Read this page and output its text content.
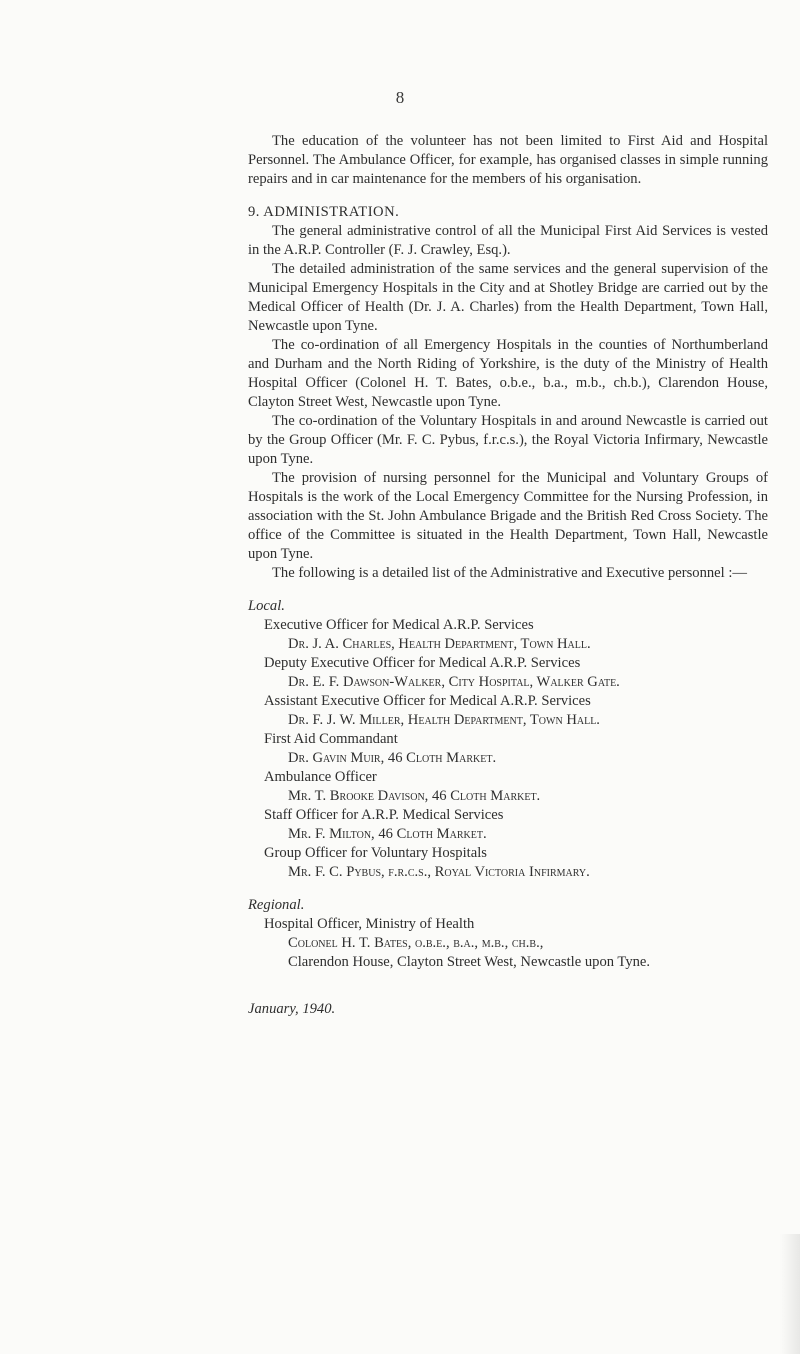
8

The education of the volunteer has not been limited to First Aid and Hospital Personnel. The Ambulance Officer, for example, has organised classes in simple running repairs and in car maintenance for the members of his organisation.

9. ADMINISTRATION.

The general administrative control of all the Municipal First Aid Services is vested in the A.R.P. Controller (F. J. Crawley, Esq.).

The detailed administration of the same services and the general supervision of the Municipal Emergency Hospitals in the City and at Shotley Bridge are carried out by the Medical Officer of Health (Dr. J. A. Charles) from the Health Department, Town Hall, Newcastle upon Tyne.

The co-ordination of all Emergency Hospitals in the counties of Northumberland and Durham and the North Riding of Yorkshire, is the duty of the Ministry of Health Hospital Officer (Colonel H. T. Bates, o.b.e., b.a., m.b., ch.b.), Clarendon House, Clayton Street West, Newcastle upon Tyne.

The co-ordination of the Voluntary Hospitals in and around Newcastle is carried out by the Group Officer (Mr. F. C. Pybus, f.r.c.s.), the Royal Victoria Infirmary, Newcastle upon Tyne.

The provision of nursing personnel for the Municipal and Voluntary Groups of Hospitals is the work of the Local Emergency Committee for the Nursing Profession, in association with the St. John Ambulance Brigade and the British Red Cross Society. The office of the Committee is situated in the Health Department, Town Hall, Newcastle upon Tyne.

The following is a detailed list of the Administrative and Executive personnel :—

Local.

Executive Officer for Medical A.R.P. Services

Dr. J. A. Charles, Health Department, Town Hall.

Deputy Executive Officer for Medical A.R.P. Services

Dr. E. F. Dawson-Walker, City Hospital, Walker Gate.

Assistant Executive Officer for Medical A.R.P. Services

Dr. F. J. W. Miller, Health Department, Town Hall.

First Aid Commandant

Dr. Gavin Muir, 46 Cloth Market.

Ambulance Officer

Mr. T. Brooke Davison, 46 Cloth Market.

Staff Officer for A.R.P. Medical Services

Mr. F. Milton, 46 Cloth Market.

Group Officer for Voluntary Hospitals

Mr. F. C. Pybus, f.r.c.s., Royal Victoria Infirmary.

Regional.

Hospital Officer, Ministry of Health

Colonel H. T. Bates, o.b.e., b.a., m.b., ch.b.,

Clarendon House, Clayton Street West, Newcastle upon Tyne.

January, 1940.
